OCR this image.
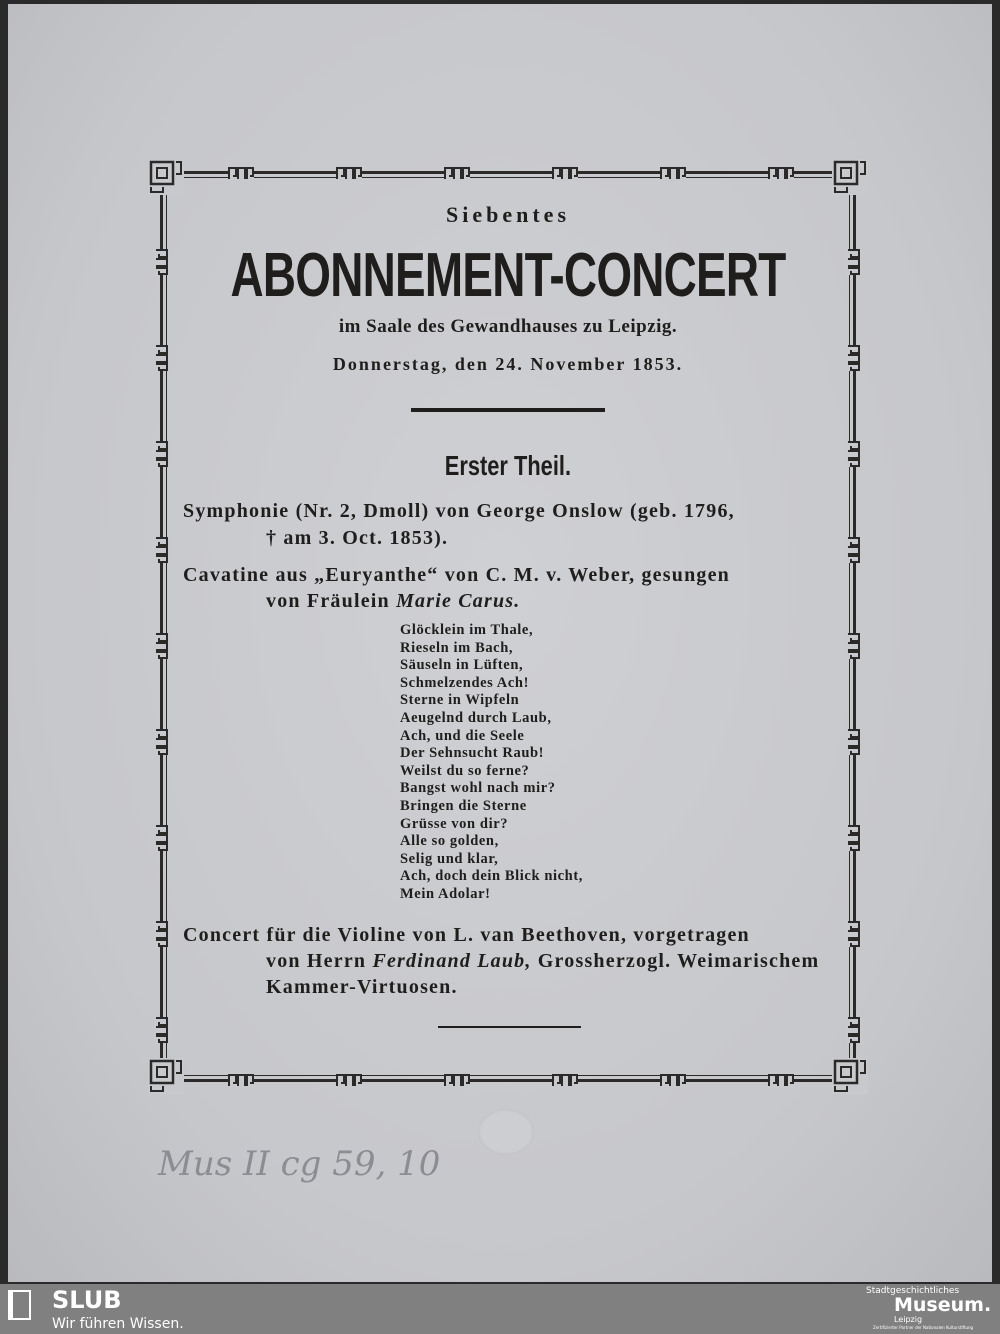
Siebentes
ABONNEMENT-CONCERT
im Saale des Gewandhauses zu Leipzig.
Donnerstag, den 24. November 1853.
Erster Theil.
Symphonie (Nr. 2, Dmoll) von George Onslow (geb. 1796,
† am 3. Oct. 1853).
Cavatine aus „Euryanthe“ von C. M. v. Weber, gesungen
von Fräulein Marie Carus.
Glöcklein im Thale,
Rieseln im Bach,
Säuseln in Lüften,
Schmelzendes Ach!
Sterne in Wipfeln
Aeugelnd durch Laub,
Ach, und die Seele
Der Sehnsucht Raub!
Weilst du so ferne?
Bangst wohl nach mir?
Bringen die Sterne
Grüsse von dir?
Alle so golden,
Selig und klar,
Ach, doch dein Blick nicht,
Mein Adolar!
Concert für die Violine von L. van Beethoven, vorgetragen
von Herrn Ferdinand Laub, Grossherzogl. Weimarischem
Kammer-Virtuosen.
Mus II cg 59, 10
SLUB
Wir führen Wissen.
Stadtgeschichtliches
Museum.
Leipzig
Zertifizierter Partner der Nationalen Kulturstiftung
